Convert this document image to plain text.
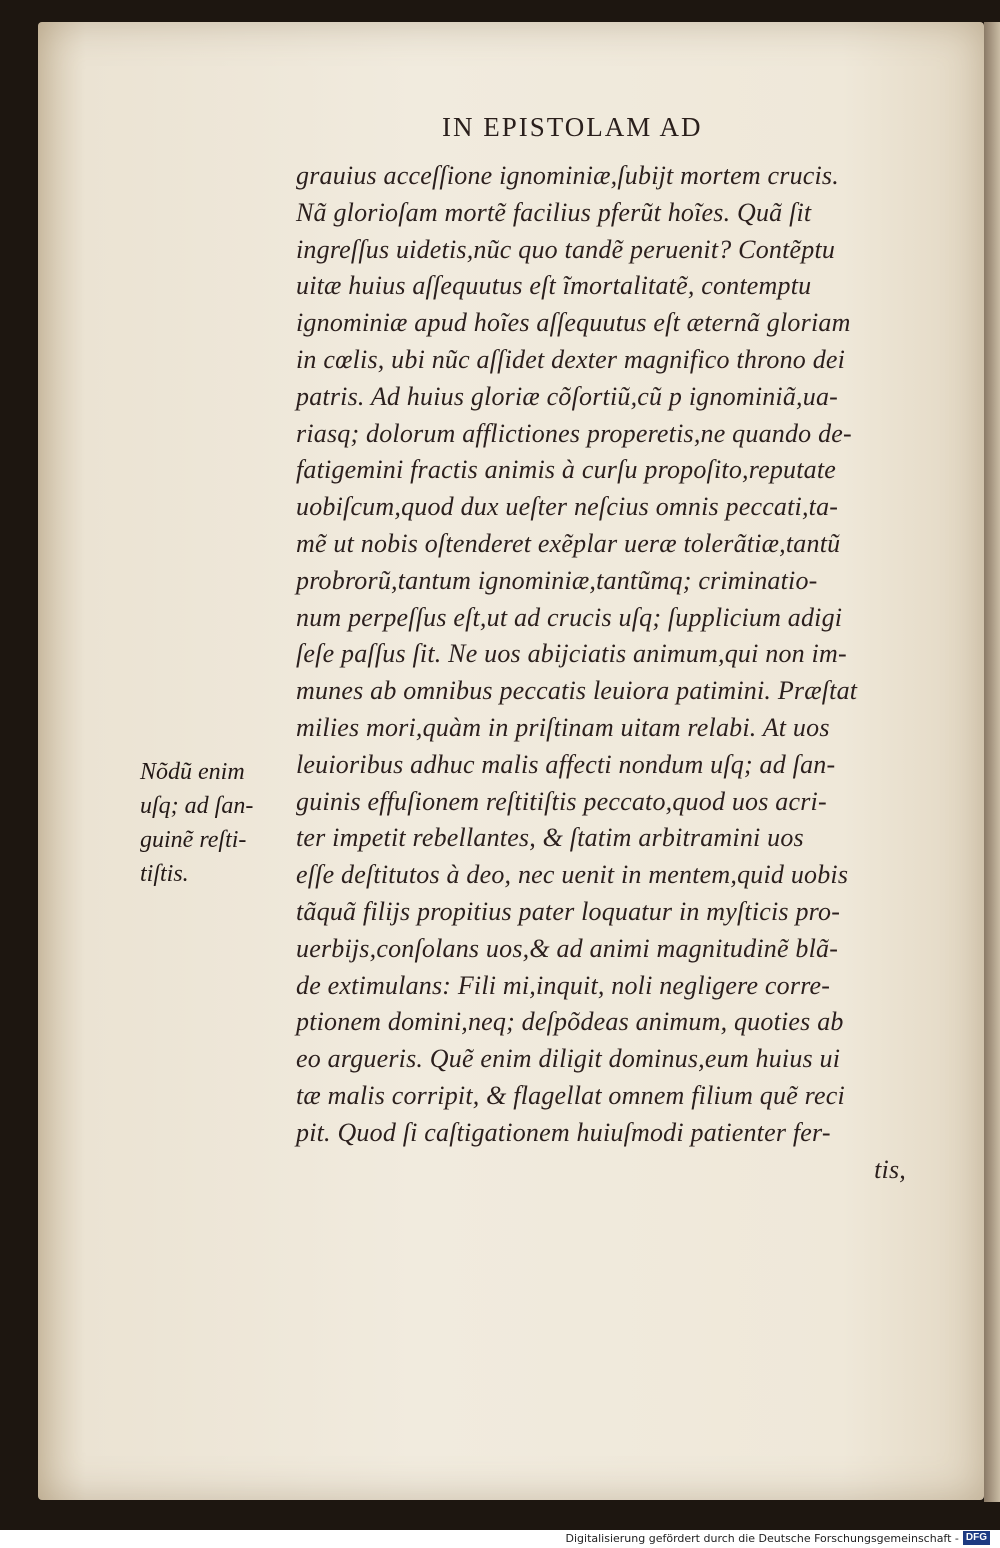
IN EPISTOLAM AD
grauius acceſſione ignominiæ,ſubijt mortem crucis.
Nã glorioſam mortẽ facilius pferũt hoĩes. Quã ſit
ingreſſus uidetis,nũc quo tandẽ peruenit? Contẽptu
uitæ huius aſſequutus eſt ĩmortalitatẽ, contemptu
ignominiæ apud hoĩes aſſequutus eſt æternã gloriam
in cœlis, ubi nũc aſſidet dexter magnifico throno dei
patris. Ad huius gloriæ cõſortiũ,cũ p ignominiã,ua-
riasq; dolorum afflictiones properetis,ne quando de-
fatigemini fractis animis à curſu propoſito,reputate
uobiſcum,quod dux ueſter neſcius omnis peccati,ta-
mẽ ut nobis oſtenderet exẽplar ueræ tolerãtiæ,tantũ
probrorũ,tantum ignominiæ,tantũmq; criminatio-
num perpeſſus eſt,ut ad crucis uſq; ſupplicium adigi
ſeſe paſſus ſit. Ne uos abijciatis animum,qui non im-
munes ab omnibus peccatis leuiora patimini. Præſtat
milies mori,quàm in priſtinam uitam relabi. At uos
leuioribus adhuc malis affecti nondum uſq; ad ſan-
guinis effuſionem reſtitiſtis peccato,quod uos acri-
ter impetit rebellantes, & ſtatim arbitramini uos
eſſe deſtitutos à deo, nec uenit in mentem,quid uobis
tãquã filijs propitius pater loquatur in myſticis pro-
uerbijs,conſolans uos,& ad animi magnitudinẽ blã-
de extimulans: Fili mi,inquit, noli negligere corre-
ptionem domini,neq; deſpõdeas animum, quoties ab
eo argueris. Quẽ enim diligit dominus,eum huius ui
tæ malis corripit, & flagellat omnem filium quẽ reci
pit. Quod ſi caſtigationem huiuſmodi patienter fer-
tis,
Nõdũ enim
uſq; ad ſan-
guinẽ reſti-
tiſtis.
Digitalisierung gefördert durch die Deutsche Forschungsgemeinschaft - DFG
